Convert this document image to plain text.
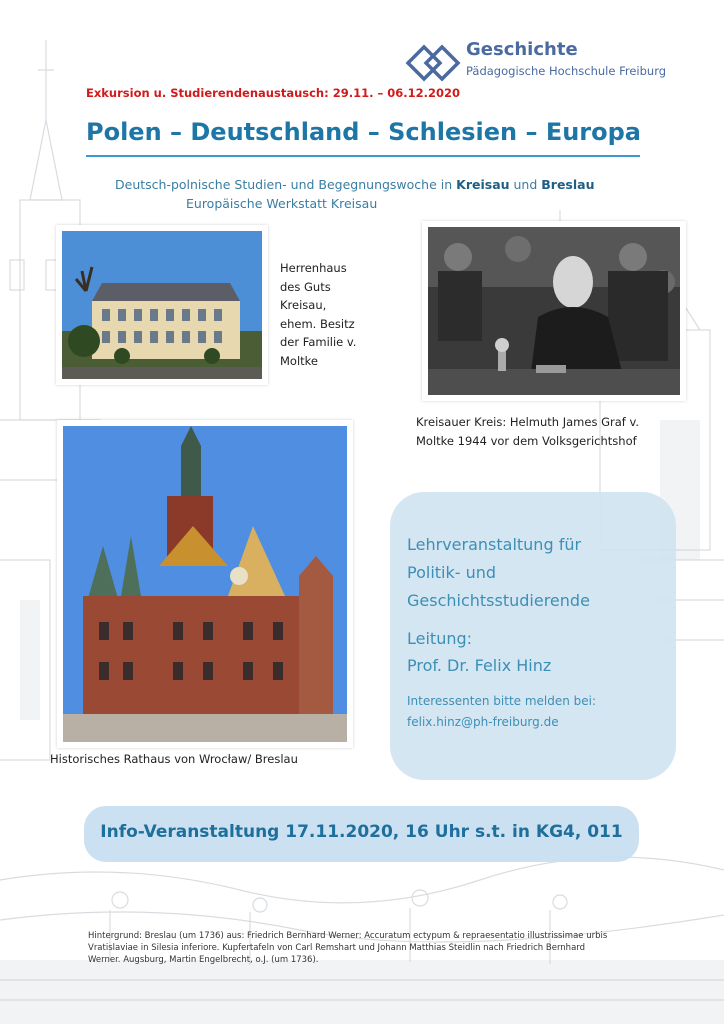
Geschichte
Pädagogische Hochschule Freiburg
Exkursion u. Studierendenaustausch: 29.11. – 06.12.2020
Polen – Deutschland – Schlesien – Europa
Deutsch-polnische Studien- und Begegnungswoche in Kreisau und Breslau
Europäische Werkstatt Kreisau
Herrenhaus
des Guts
Kreisau,
ehem. Besitz
der Familie v.
Moltke
Kreisauer Kreis: Helmuth James Graf v.
Moltke 1944 vor dem Volksgerichtshof
Historisches Rathaus von Wrocław/ Breslau
Lehrveranstaltung für
Politik- und
Geschichtsstudierende
Leitung:
Prof. Dr. Felix Hinz
Interessenten bitte melden bei:
felix.hinz@ph-freiburg.de
Info-Veranstaltung 17.11.2020, 16 Uhr s.t. in KG4, 011
Hintergrund: Breslau (um 1736) aus: Friedrich Bernhard Werner: Accuratum ectypum & repraesentatio illustrissimae urbis Vratislaviae in Silesia inferiore. Kupfertafeln von Carl Remshart und Johann Matthias Steidlin nach Friedrich Bernhard Werner. Augsburg, Martin Engelbrecht, o.J. (um 1736).
